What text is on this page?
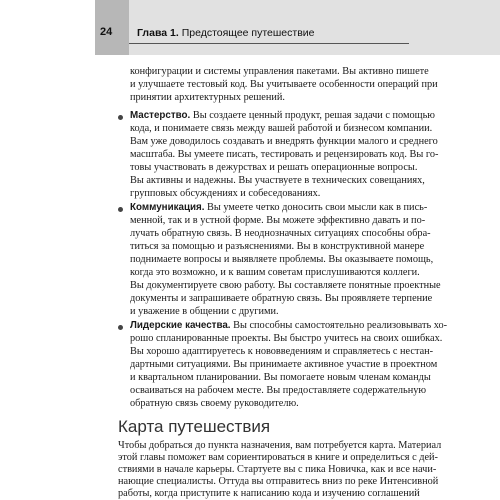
24 Глава 1. Предстоящее путешествие
конфигурации и системы управления пакетами. Вы активно пишете
и улучшаете тестовый код. Вы учитываете особенности операций при
принятии архитектурных решений.
Мастерство. Вы создаете ценный продукт, решая задачи с помощью
кода, и понимаете связь между вашей работой и бизнесом компании.
Вам уже доводилось создавать и внедрять функции малого и среднего
масштаба. Вы умеете писать, тестировать и рецензировать код. Вы го-
товы участвовать в дежурствах и решать операционные вопросы.
Вы активны и надежны. Вы участвуете в технических совещаниях,
групповых обсуждениях и собеседованиях.
Коммуникация. Вы умеете четко доносить свои мысли как в пись-
менной, так и в устной форме. Вы можете эффективно давать и по-
лучать обратную связь. В неоднозначных ситуациях способны обра-
титься за помощью и разъяснениями. Вы в конструктивной манере
поднимаете вопросы и выявляете проблемы. Вы оказываете помощь,
когда это возможно, и к вашим советам прислушиваются коллеги.
Вы документируете свою работу. Вы составляете понятные проектные
документы и запрашиваете обратную связь. Вы проявляете терпение
и уважение в общении с другими.
Лидерские качества. Вы способны самостоятельно реализовывать хо-
рошо спланированные проекты. Вы быстро учитесь на своих ошибках.
Вы хорошо адаптируетесь к нововведениям и справляетесь с нестан-
дартными ситуациями. Вы принимаете активное участие в проектном
и квартальном планировании. Вы помогаете новым членам команды
осваиваться на рабочем месте. Вы предоставляете содержательную
обратную связь своему руководителю.
Карта путешествия
Чтобы добраться до пункта назначения, вам потребуется карта. Материал
этой главы поможет вам сориентироваться в книге и определиться с дей-
ствиями в начале карьеры. Стартуете вы с пика Новичка, как и все начи-
нающие специалисты. Оттуда вы отправитесь вниз по реке Интенсивной
работы, когда приступите к написанию кода и изучению соглашений
